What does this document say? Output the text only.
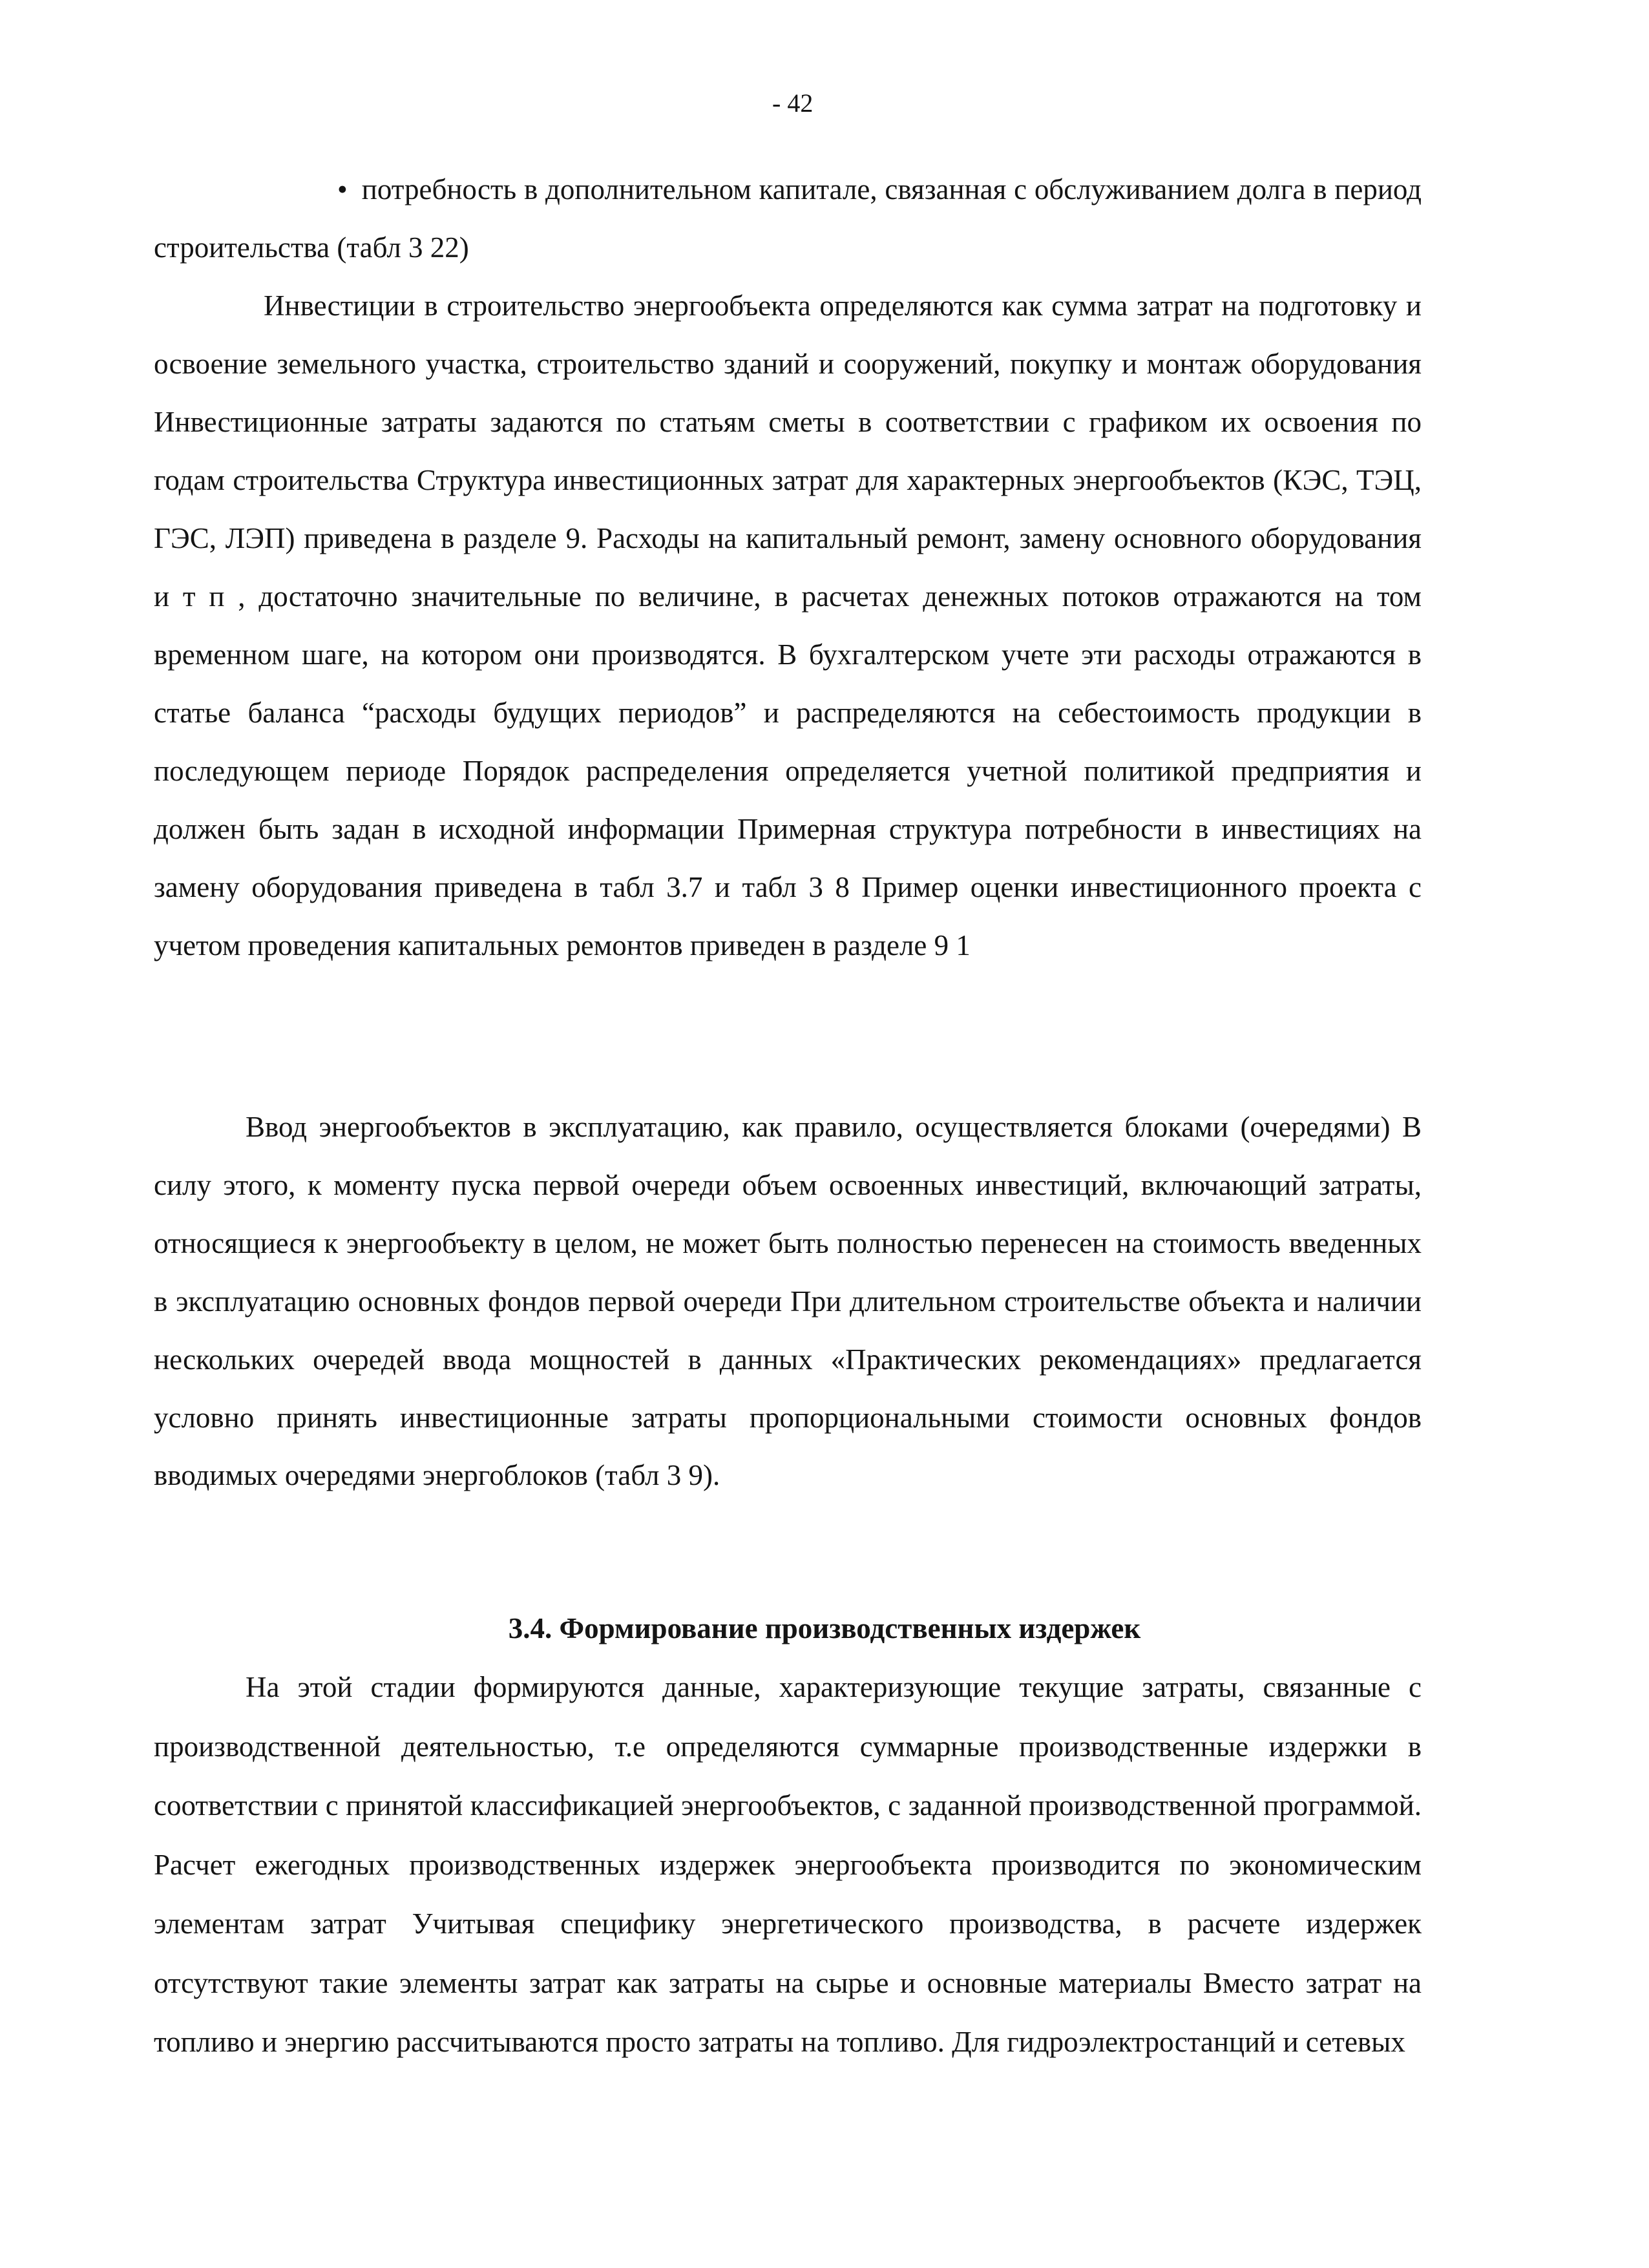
- 42

• потребность в дополнительном капитале, связанная с обслуживанием долга в период строительства (табл 3 22)

Инвестиции в строительство энергообъекта определяются как сумма затрат на подготовку и освоение земельного участка, строительство зданий и сооружений, покупку и монтаж оборудования Инвестиционные затраты задаются по статьям сметы в соответствии с графиком их освоения по годам строительства Структура инвестиционных затрат для характерных энергообъектов (КЭС, ТЭЦ, ГЭС, ЛЭП) приведена в разделе 9. Расходы на капитальный ремонт, замену основного оборудования и т п , достаточно значительные по величине, в расчетах денежных потоков отражаются на том временном шаге, на котором они производятся. В бухгалтерском учете эти расходы отражаются в статье баланса “расходы будущих периодов” и распределяются на себестоимость продукции в последующем периоде Порядок распределения определяется учетной политикой предприятия и должен быть задан в исходной информации Примерная структура потребности в инвестициях на замену оборудования приведена в табл 3.7 и табл 3 8 Пример оценки инвестиционного проекта с учетом проведения капитальных ремонтов приведен в разделе 9 1

Ввод энергообъектов в эксплуатацию, как правило, осуществляется блоками (очередями) В силу этого, к моменту пуска первой очереди объем освоенных инвестиций, включающий затраты, относящиеся к энергообъекту в целом, не может быть полностью перенесен на стоимость введенных в эксплуатацию основных фондов первой очереди При длительном строительстве объекта и наличии нескольких очередей ввода мощностей в данных «Практических рекомендациях» предлагается условно принять инвестиционные затраты пропорциональными стоимости основных фондов вводимых очередями энергоблоков (табл 3 9).

3.4. Формирование производственных издержек

На этой стадии формируются данные, характеризующие текущие затраты, связанные с производственной деятельностью, т.е определяются суммарные производственные издержки в соответствии с принятой классификацией энергообъектов, с заданной производственной программой. Расчет ежегодных производственных издержек энергообъекта производится по экономическим элементам затрат Учитывая специфику энергетического производства, в расчете издержек отсутствуют такие элементы затрат как затраты на сырье и основные материалы Вместо затрат на топливо и энергию рассчитываются просто затраты на топливо. Для гидроэлектростанций и сетевых
